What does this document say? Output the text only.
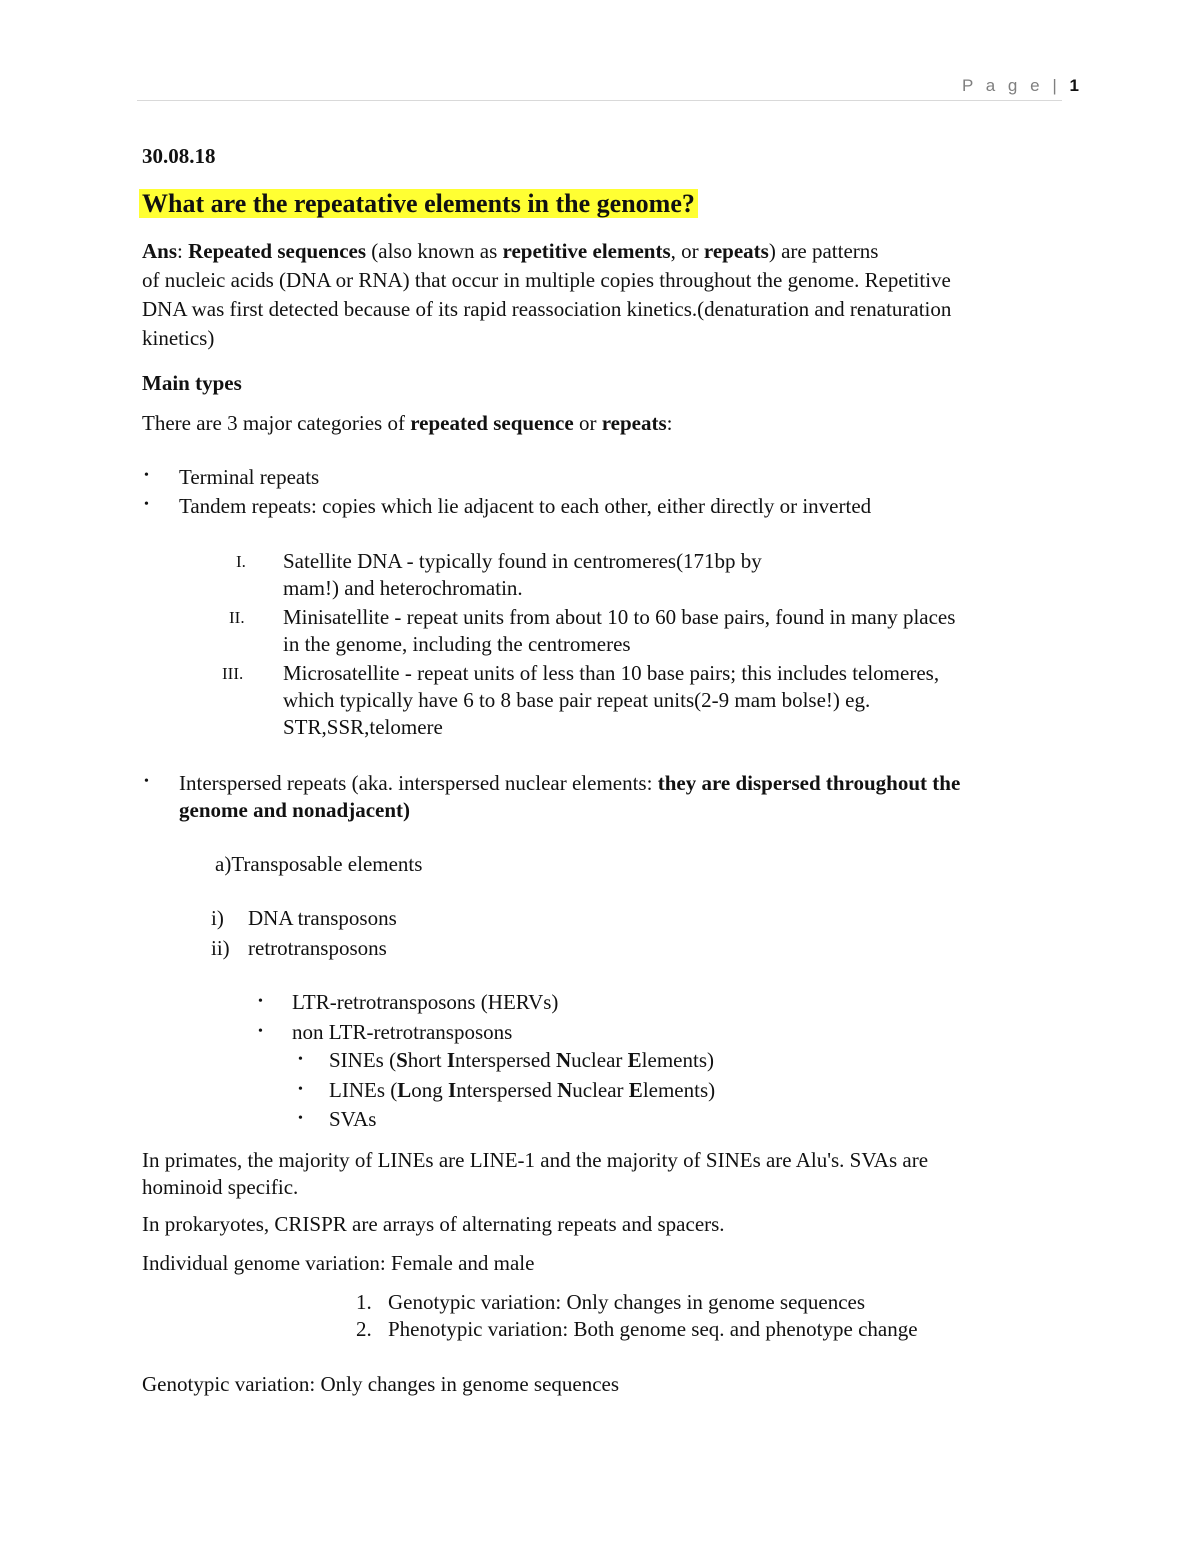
P a g e | 1
30.08.18
What are the repeatative elements in the genome?
Ans: Repeated sequences (also known as repetitive elements, or repeats) are patterns
of nucleic acids (DNA or RNA) that occur in multiple copies throughout the genome. Repetitive
DNA was first detected because of its rapid reassociation kinetics.(denaturation and renaturation
kinetics)
Main types
There are 3 major categories of repeated sequence or repeats:
• Terminal repeats
• Tandem repeats: copies which lie adjacent to each other, either directly or inverted
I. Satellite DNA - typically found in centromeres(171bp by
mam!) and heterochromatin.
II. Minisatellite - repeat units from about 10 to 60 base pairs, found in many places
in the genome, including the centromeres
III. Microsatellite - repeat units of less than 10 base pairs; this includes telomeres,
which typically have 6 to 8 base pair repeat units(2-9 mam bolse!) eg.
STR,SSR,telomere
• Interspersed repeats (aka. interspersed nuclear elements: they are dispersed throughout the
genome and nonadjacent)
a)Transposable elements
i) DNA transposons
ii) retrotransposons
• LTR-retrotransposons (HERVs)
• non LTR-retrotransposons
• SINEs (Short Interspersed Nuclear Elements)
• LINEs (Long Interspersed Nuclear Elements)
• SVAs
In primates, the majority of LINEs are LINE-1 and the majority of SINEs are Alu's. SVAs are
hominoid specific.
In prokaryotes, CRISPR are arrays of alternating repeats and spacers.
Individual genome variation: Female and male
1. Genotypic variation: Only changes in genome sequences
2. Phenotypic variation: Both genome seq. and phenotype change
Genotypic variation: Only changes in genome sequences
